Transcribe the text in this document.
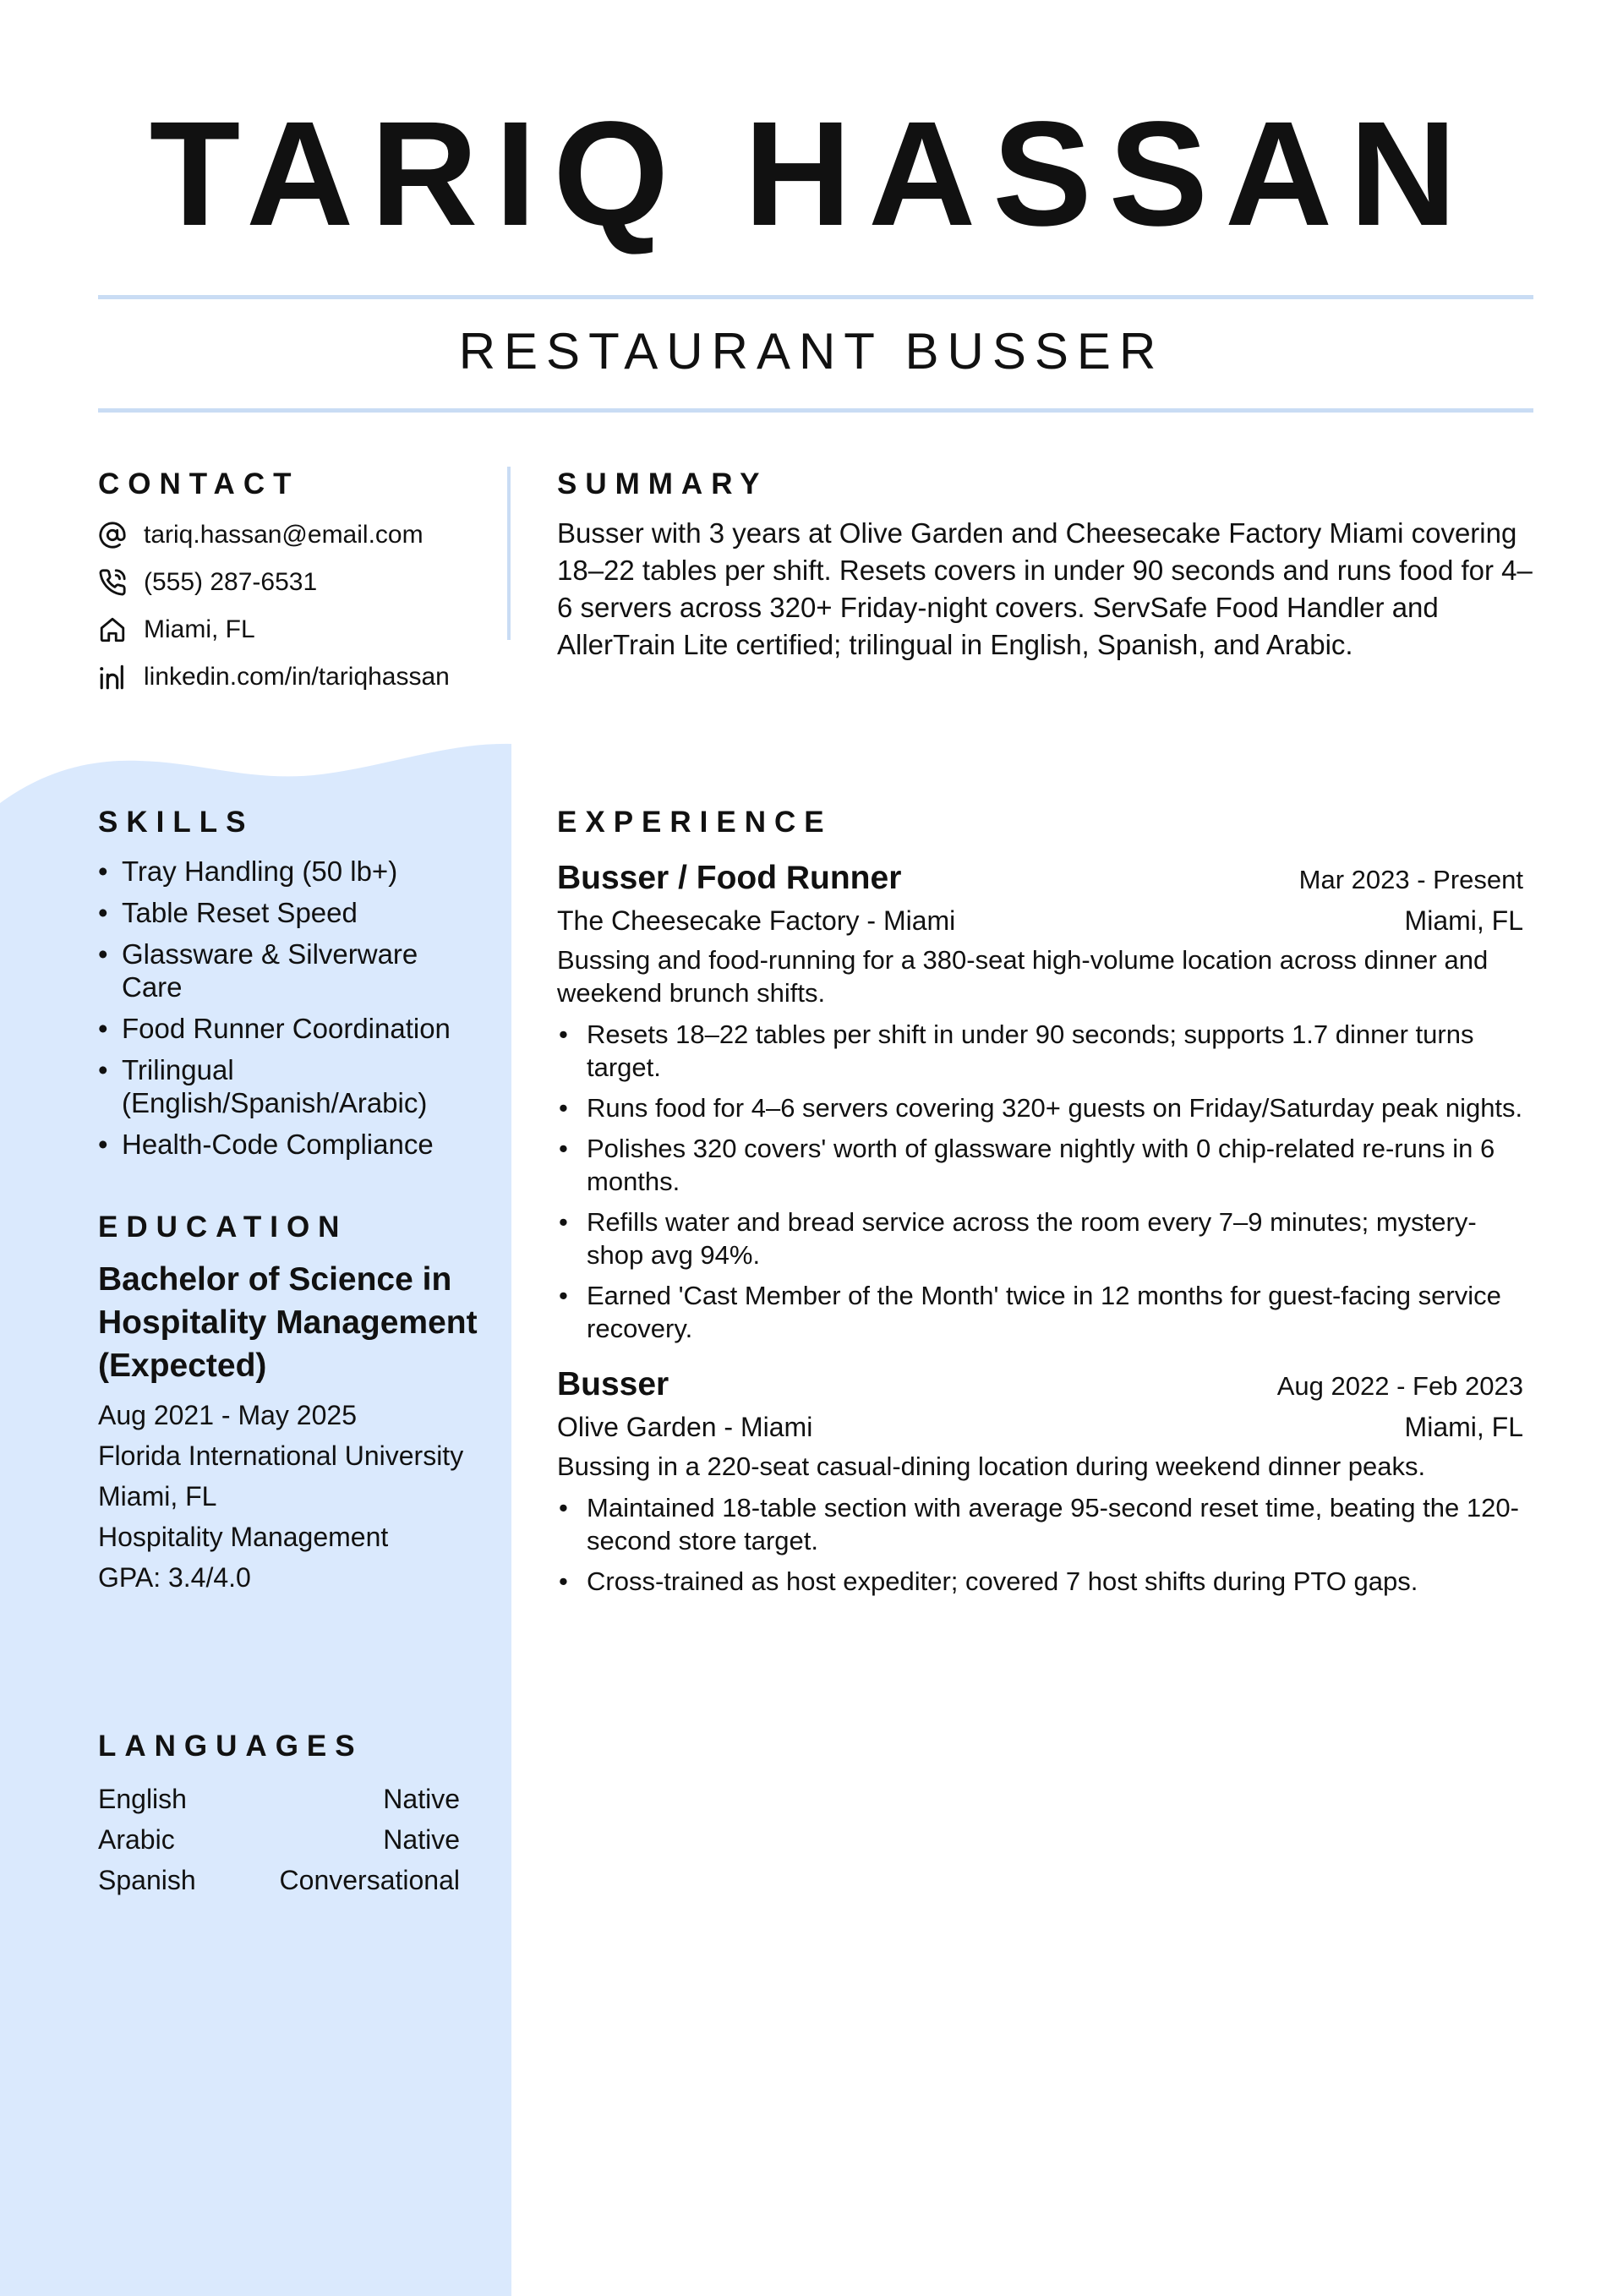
TARIQ HASSAN
RESTAURANT BUSSER
CONTACT
tariq.hassan@email.com
(555) 287-6531
Miami, FL
linkedin.com/in/tariqhassan
SUMMARY

Busser with 3 years at Olive Garden and Cheesecake Factory Miami covering 18–22 tables per shift. Resets covers in under 90 seconds and runs food for 4–6 servers across 320+ Friday-night covers. ServSafe Food Handler and AllerTrain Lite certified; trilingual in English, Spanish, and Arabic.

SKILLS
• Tray Handling (50 lb+)
• Table Reset Speed
• Glassware & Silverware Care
• Food Runner Coordination
• Trilingual (English/Spanish/Arabic)
• Health-Code Compliance
EDUCATION
Bachelor of Science in Hospitality Management (Expected)
Aug 2021 - May 2025
Florida International University
Miami, FL
Hospitality Management
GPA: 3.4/4.0
LANGUAGES
English	Native
Arabic	Native
Spanish	Conversational
EXPERIENCE
Busser / Food Runner	Mar 2023 - Present
The Cheesecake Factory - Miami	Miami, FL
Bussing and food-running for a 380-seat high-volume location across dinner and weekend brunch shifts.
• Resets 18–22 tables per shift in under 90 seconds; supports 1.7 dinner turns target.
• Runs food for 4–6 servers covering 320+ guests on Friday/Saturday peak nights.
• Polishes 320 covers' worth of glassware nightly with 0 chip-related re-runs in 6 months.
• Refills water and bread service across the room every 7–9 minutes; mystery-shop avg 94%.
• Earned 'Cast Member of the Month' twice in 12 months for guest-facing service recovery.
Busser	Aug 2022 - Feb 2023
Olive Garden - Miami	Miami, FL
Bussing in a 220-seat casual-dining location during weekend dinner peaks.
• Maintained 18-table section with average 95-second reset time, beating the 120-second store target.
• Cross-trained as host expediter; covered 7 host shifts during PTO gaps.
